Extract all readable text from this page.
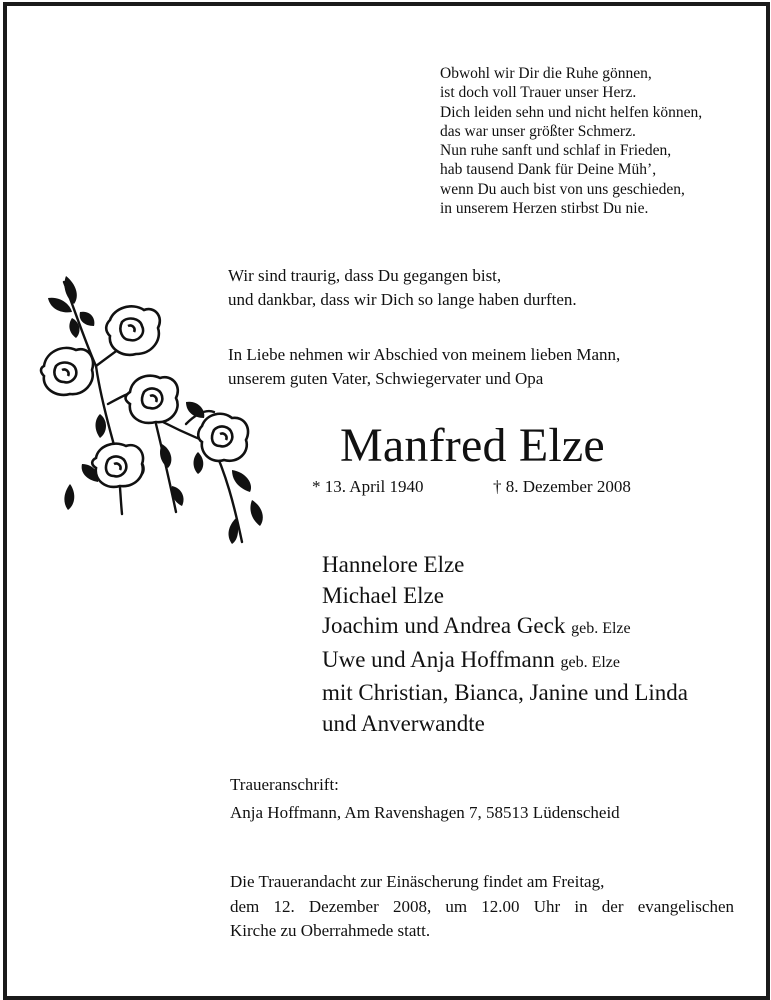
Obwohl wir Dir die Ruhe gönnen,
ist doch voll Trauer unser Herz.
Dich leiden sehn und nicht helfen können,
das war unser größter Schmerz.
Nun ruhe sanft und schlaf in Frieden,
hab tausend Dank für Deine Müh’,
wenn Du auch bist von uns geschieden,
in unserem Herzen stirbst Du nie.
Wir sind traurig, dass Du gegangen bist,
und dankbar, dass wir Dich so lange haben durften.
In Liebe nehmen wir Abschied von meinem lieben Mann,
unserem guten Vater, Schwiegervater und Opa
Manfred Elze
* 13. April 1940	† 8. Dezember 2008
Hannelore Elze
Michael Elze
Joachim und Andrea Geck geb. Elze
Uwe und Anja Hoffmann geb. Elze
mit Christian, Bianca, Janine und Linda
und Anverwandte
Traueranschrift:
Anja Hoffmann, Am Ravenshagen 7, 58513 Lüdenscheid
Die Trauerandacht zur Einäscherung findet am Freitag,
dem 12. Dezember 2008, um 12.00 Uhr in der evangelischen
Kirche zu Oberrahmede statt.
